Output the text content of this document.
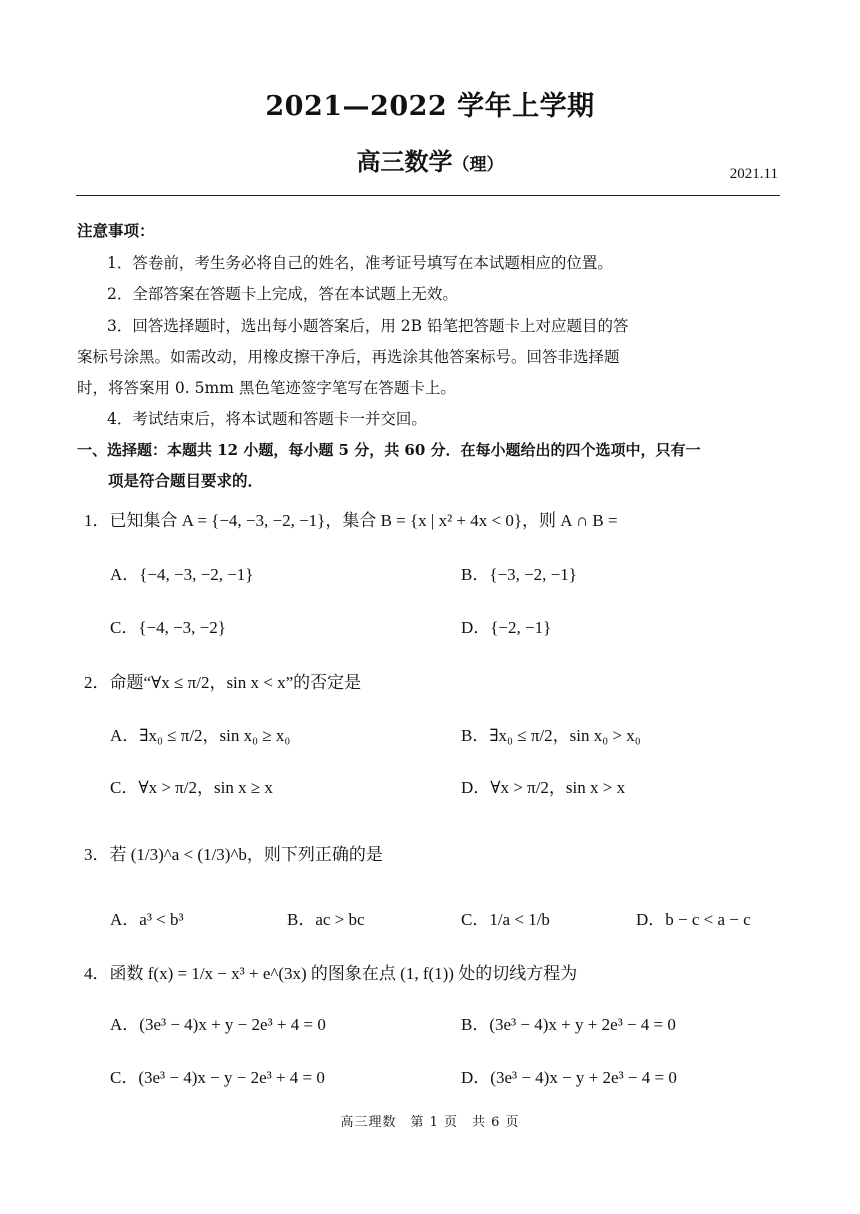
2021—2022 学年上学期
高三数学（理）	2021.11
注意事项：
1．答卷前，考生务必将自己的姓名，准考证号填写在本试题相应的位置。
2．全部答案在答题卡上完成，答在本试题上无效。
3．回答选择题时，选出每小题答案后，用 2B 铅笔把答题卡上对应题目的答
案标号涂黑。如需改动，用橡皮擦干净后，再选涂其他答案标号。回答非选择题
时，将答案用 0. 5mm 黑色笔迹签字笔写在答题卡上。
4．考试结束后，将本试题和答题卡一并交回。
一、选择题：本题共 12 小题，每小题 5 分，共 60 分．在每小题给出的四个选项中，只有一
项是符合题目要求的．
1．已知集合 A = {−4, −3, −2, −1}，集合 B = {x | x² + 4x < 0}，则 A ∩ B =
A．{−4, −3, −2, −1}	B．{−3, −2, −1}
C．{−4, −3, −2}	D．{−2, −1}
2．命题“∀x ≤ π/2，sin x < x”的否定是
A．∃x₀ ≤ π/2，sin x₀ ≥ x₀	B．∃x₀ ≤ π/2，sin x₀ > x₀
C．∀x > π/2，sin x ≥ x	D．∀x > π/2，sin x > x
3．若 (1/3)^a < (1/3)^b，则下列正确的是
A．a³ < b³	B．ac > bc	C．1/a < 1/b	D．b − c < a − c
4．函数 f(x) = 1/x − x³ + e^(3x) 的图象在点 (1, f(1)) 处的切线方程为
A．(3e³ − 4)x + y − 2e³ + 4 = 0	B．(3e³ − 4)x + y + 2e³ − 4 = 0
C．(3e³ − 4)x − y − 2e³ + 4 = 0	D．(3e³ − 4)x − y + 2e³ − 4 = 0
高三理数　第 1 页　共 6 页
